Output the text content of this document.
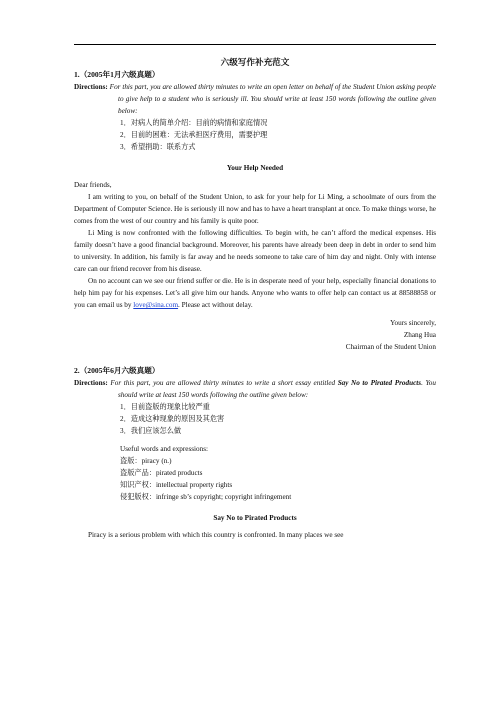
六级写作补充范文
1.（2005年1月六级真题）
Directions: For this part, you are allowed thirty minutes to write an open letter on behalf of the Student Union asking people to give help to a student who is seriously ill. You should write at least 150 words following the outline given below:
1．对病人的简单介绍：目前的病情和家庭情况
2．目前的困难：无法承担医疗费用，需要护理
3．希望捐助：联系方式
Your Help Needed
Dear friends,
I am writing to you, on behalf of the Student Union, to ask for your help for Li Ming, a schoolmate of ours from the Department of Computer Science. He is seriously ill now and has to have a heart transplant at once. To make things worse, he comes from the west of our country and his family is quite poor.
Li Ming is now confronted with the following difficulties. To begin with, he can’t afford the medical expenses. His family doesn’t have a good financial background. Moreover, his parents have already been deep in debt in order to send him to university. In addition, his family is far away and he needs someone to take care of him day and night. Only with intense care can our friend recover from his disease.
On no account can we see our friend suffer or die. He is in desperate need of your help, especially financial donations to help him pay for his expenses. Let’s all give him our hands. Anyone who wants to offer help can contact us at 88588858 or you can email us by love@sina.com. Please act without delay.
Yours sincerely,
Zhang Hua
Chairman of the Student Union
2.（2005年6月六级真题）
Directions: For this part, you are allowed thirty minutes to write a short essay entitled Say No to Pirated Products. You should write at least 150 words following the outline given below:
1．目前盗版的现象比较严重
2．造成这种现象的原因及其危害
3．我们应该怎么做
Useful words and expressions:
盗版：piracy (n.)
盗版产品：pirated products
知识产权：intellectual property rights
侵犯版权：infringe sb’s copyright; copyright infringement
Say No to Pirated Products
Piracy is a serious problem with which this country is confronted. In many places we see
